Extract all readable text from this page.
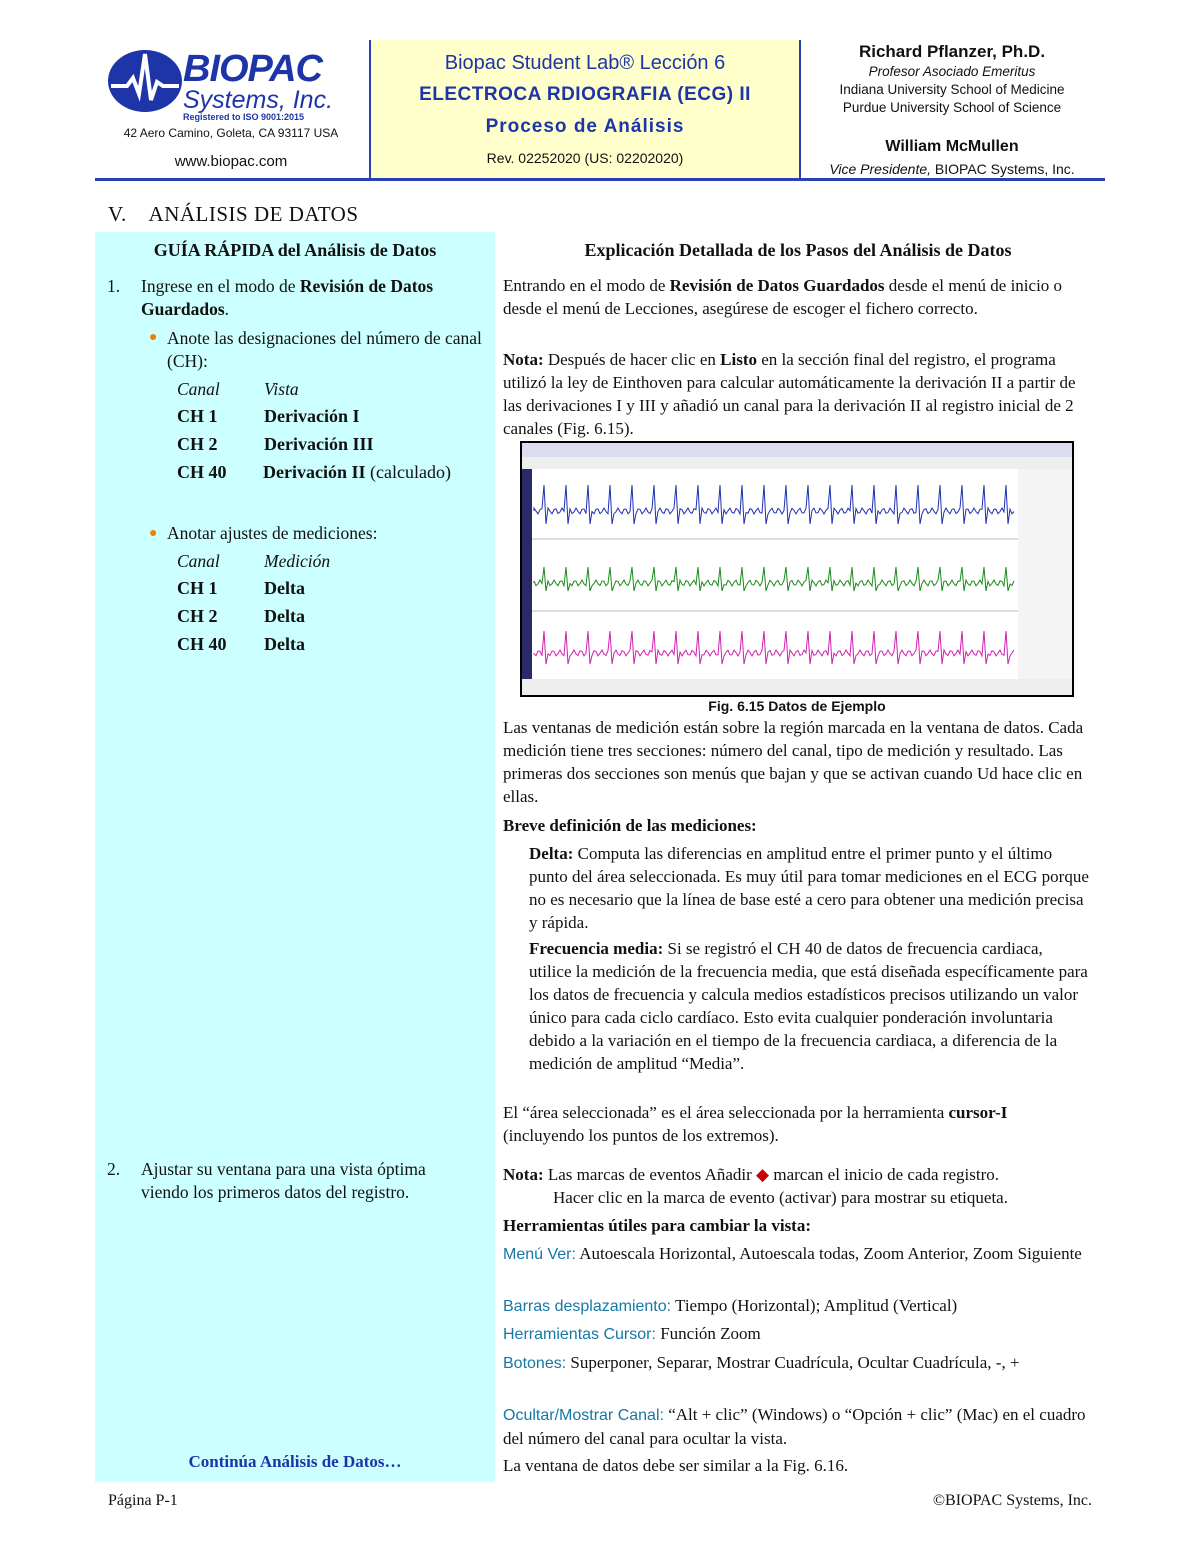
BIOPAC
Systems, Inc.
Registered to ISO 9001:2015
42 Aero Camino, Goleta, CA 93117 USA
www.biopac.com
Biopac Student Lab® Lección 6
ELECTROCA RDIOGRAFIA (ECG) II
Proceso de Análisis
Rev. 02252020 (US: 02202020)
Richard Pflanzer, Ph.D.
Profesor Asociado Emeritus
Indiana University School of Medicine
Purdue University School of Science
William McMullen
Vice Presidente, BIOPAC Systems, Inc.
V.    ANÁLISIS DE DATOS
GUÍA RÁPIDA del Análisis de Datos
1. Ingrese en el modo de Revisión de Datos Guardados.
● Anote las designaciones del número de canal (CH):
Canal	Vista
CH 1	Derivación I
CH 2	Derivación III
CH 40 Derivación II (calculado)
● Anotar ajustes de mediciones:
Canal	Medición
CH 1	Delta
CH 2	Delta
CH 40 Delta
2. Ajustar su ventana para una vista óptima viendo los primeros datos del registro.
Continúa Análisis de Datos…
Explicación Detallada de los Pasos del Análisis de Datos
Entrando en el modo de Revisión de Datos Guardados desde el menú de inicio o desde el menú de Lecciones, asegúrese de escoger el fichero correcto.
Nota: Después de hacer clic en Listo en la sección final del registro, el programa utilizó la ley de Einthoven para calcular automáticamente la derivación II a partir de las derivaciones I y III y añadió un canal para la derivación II al registro inicial de 2 canales (Fig. 6.15).
Fig. 6.15 Datos de Ejemplo
Las ventanas de medición están sobre la región marcada en la ventana de datos. Cada medición tiene tres secciones: número del canal, tipo de medición y resultado. Las primeras dos secciones son menús que bajan y que se activan cuando Ud hace clic en ellas.
Breve definición de las mediciones:
Delta: Computa las diferencias en amplitud entre el primer punto y el último punto del área seleccionada. Es muy útil para tomar mediciones en el ECG porque no es necesario que la línea de base esté a cero para obtener una medición precisa y rápida.
Frecuencia media: Si se registró el CH 40 de datos de frecuencia cardiaca, utilice la medición de la frecuencia media, que está diseñada específicamente para los datos de frecuencia y calcula medios estadísticos precisos utilizando un valor único para cada ciclo cardíaco. Esto evita cualquier ponderación involuntaria debido a la variación en el tiempo de la frecuencia cardiaca, a diferencia de la medición de amplitud “Media”.
El “área seleccionada” es el área seleccionada por la herramienta cursor-I (incluyendo los puntos de los extremos).
Nota: Las marcas de eventos Añadir ◆ marcan el inicio de cada registro.
Hacer clic en la marca de evento (activar) para mostrar su etiqueta.
Herramientas útiles para cambiar la vista:
Menú Ver: Autoescala Horizontal, Autoescala todas, Zoom Anterior, Zoom Siguiente
Barras desplazamiento: Tiempo (Horizontal); Amplitud (Vertical)
Herramientas Cursor: Función Zoom
Botones: Superponer, Separar, Mostrar Cuadrícula, Ocultar Cuadrícula, -, +
Ocultar/Mostrar Canal: “Alt + clic” (Windows) o “Opción + clic” (Mac) en el cuadro del número del canal para ocultar la vista.
La ventana de datos debe ser similar a la Fig. 6.16.
Página P-1	©BIOPAC Systems, Inc.
